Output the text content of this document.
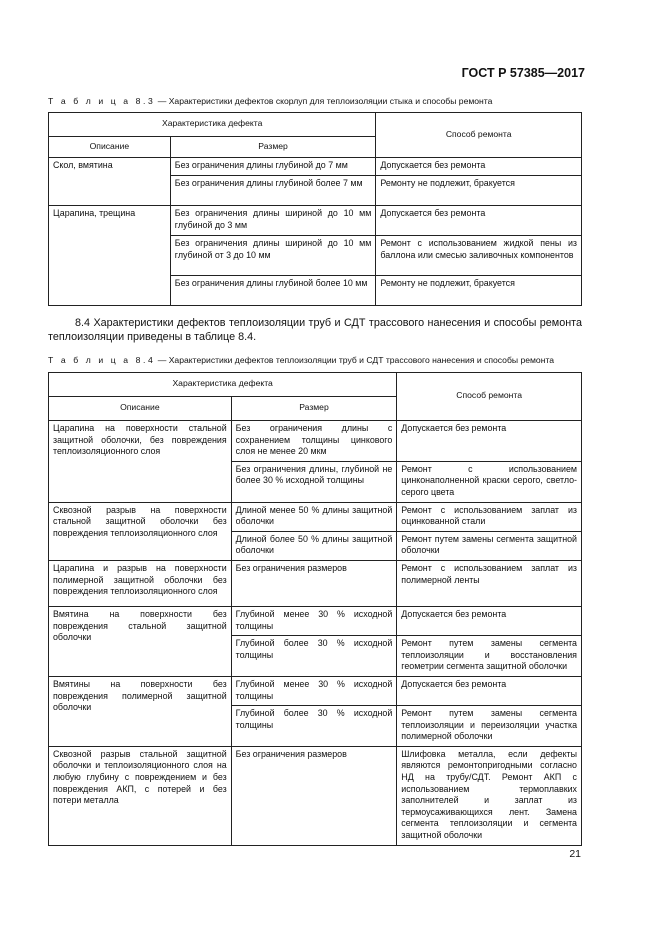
ГОСТ Р 57385—2017
Т а б л и ц а 8.3 — Характеристики дефектов скорлуп для теплоизоляции стыка и способы ремонта
Характеристика дефекта		Способ ремонта
Описание	Размер	
Скол, вмятина	Без ограничения длины глубиной до 7 мм	Допускается без ремонта
	Без ограничения длины глубиной более 7 мм	Ремонту не подлежит, бракуется
Царапина, трещина	Без ограничения длины шириной до 10 мм глубиной до 3 мм	Допускается без ремонта
	Без ограничения длины шириной до 10 мм глубиной от 3 до 10 мм	Ремонт с использованием жидкой пены из баллона или смесью заливочных компонентов
	Без ограничения длины глубиной более 10 мм	Ремонту не подлежит, бракуется
8.4 Характеристики дефектов теплоизоляции труб и СДТ трассового нанесения и способы ремонта теплоизоляции приведены в таблице 8.4.
Т а б л и ц а 8.4 — Характеристики дефектов теплоизоляции труб и СДТ трассового нанесения и способы ремонта
Характеристика дефекта		Способ ремонта
Описание	Размер	
Царапина на поверхности стальной защитной оболочки, без повреждения теплоизоляционного слоя	Без ограничения длины с сохранением толщины цинкового слоя не менее 20 мкм	Допускается без ремонта
	Без ограничения длины, глубиной не более 30 % исходной толщины	Ремонт с использованием цинконаполненной краски серого, светло-серого цвета
Сквозной разрыв на поверхности стальной защитной оболочки без повреждения теплоизоляционного слоя	Длиной менее 50 % длины защитной оболочки	Ремонт с использованием заплат из оцинкованной стали
	Длиной более 50 % длины защитной оболочки	Ремонт путем замены сегмента защитной оболочки
Царапина и разрыв на поверхности полимерной защитной оболочки без повреждения теплоизоляционного слоя	Без ограничения размеров	Ремонт с использованием заплат из полимерной ленты
Вмятина на поверхности без повреждения стальной защитной оболочки	Глубиной менее 30 % исходной толщины	Допускается без ремонта
	Глубиной более 30 % исходной толщины	Ремонт путем замены сегмента теплоизоляции и восстановления геометрии сегмента защитной оболочки
Вмятины на поверхности без повреждения полимерной защитной оболочки	Глубиной менее 30 % исходной толщины	Допускается без ремонта
	Глубиной более 30 % исходной толщины	Ремонт путем замены сегмента теплоизоляции и переизоляции участка полимерной оболочки
Сквозной разрыв стальной защитной оболочки и теплоизоляционного слоя на любую глубину с повреждением и без повреждения АКП, с потерей и без потери металла	Без ограничения размеров	Шлифовка металла, если дефекты являются ремонтопригодными согласно НД на трубу/СДТ. Ремонт АКП с использованием термоплавких заполнителей и заплат из термоусаживающихся лент. Замена сегмента теплоизоляции и сегмента защитной оболочки
21
